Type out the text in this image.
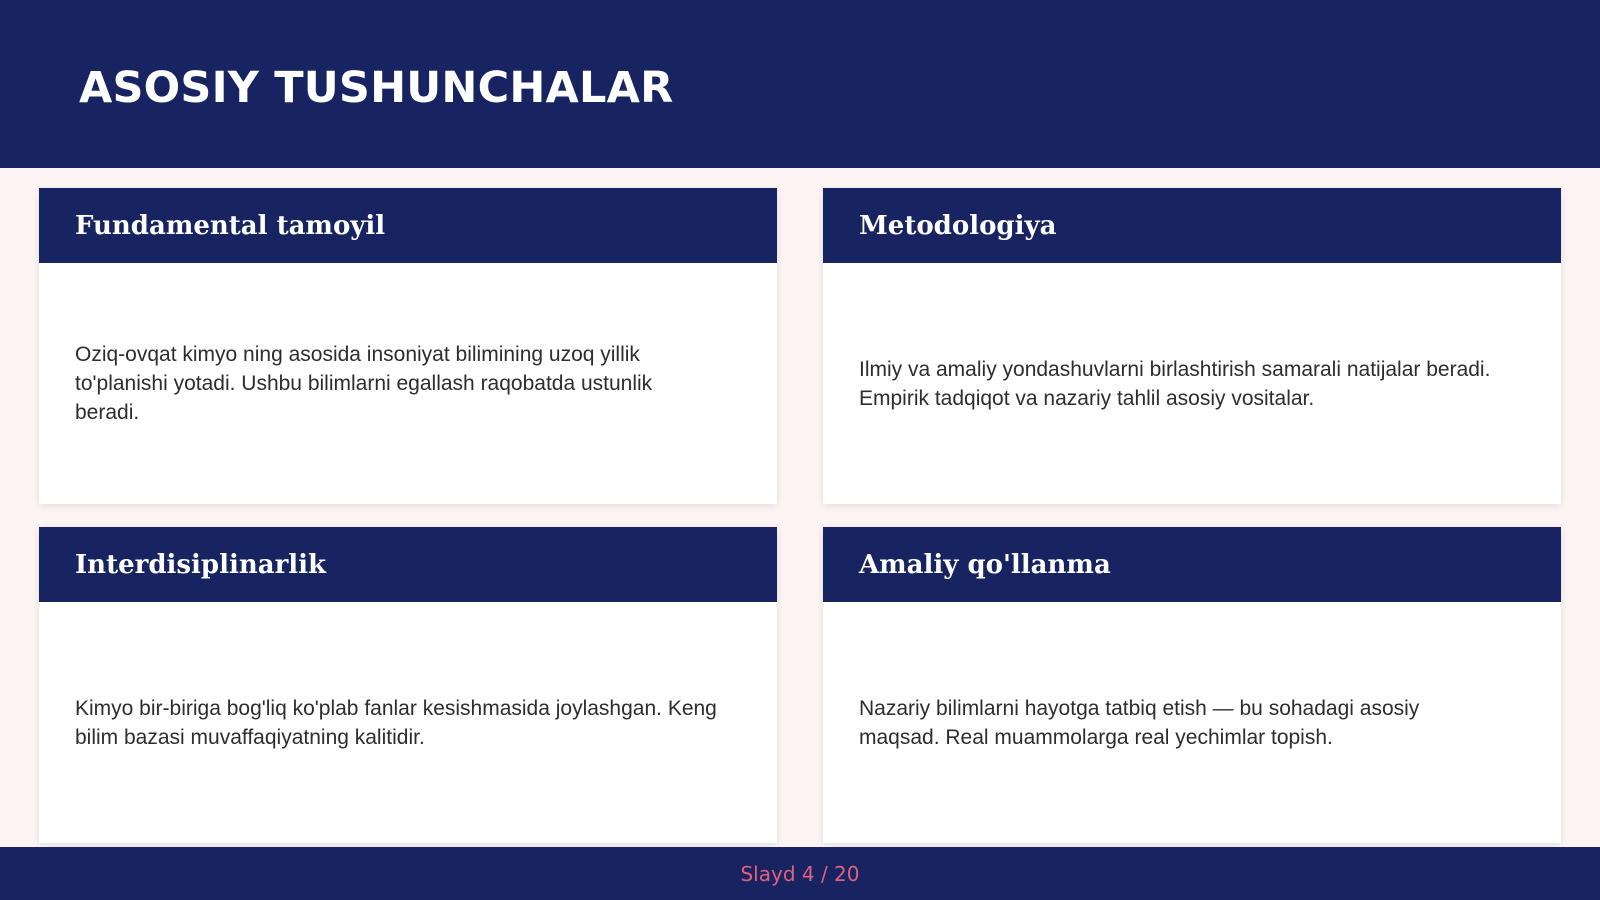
ASOSIY TUSHUNCHALAR
Fundamental tamoyil
Oziq-ovqat kimyo ning asosida insoniyat bilimining uzoq yillik to'planishi yotadi. Ushbu bilimlarni egallash raqobatda ustunlik beradi.
Metodologiya
Ilmiy va amaliy yondashuvlarni birlashtirish samarali natijalar beradi. Empirik tadqiqot va nazariy tahlil asosiy vositalar.
Interdisiplinarlik
Kimyo bir-biriga bog'liq ko'plab fanlar kesishmasida joylashgan. Keng bilim bazasi muvaffaqiyatning kalitidir.
Amaliy qo'llanma
Nazariy bilimlarni hayotga tatbiq etish — bu sohadagi asosiy maqsad. Real muammolarga real yechimlar topish.
Slayd 4 / 20
